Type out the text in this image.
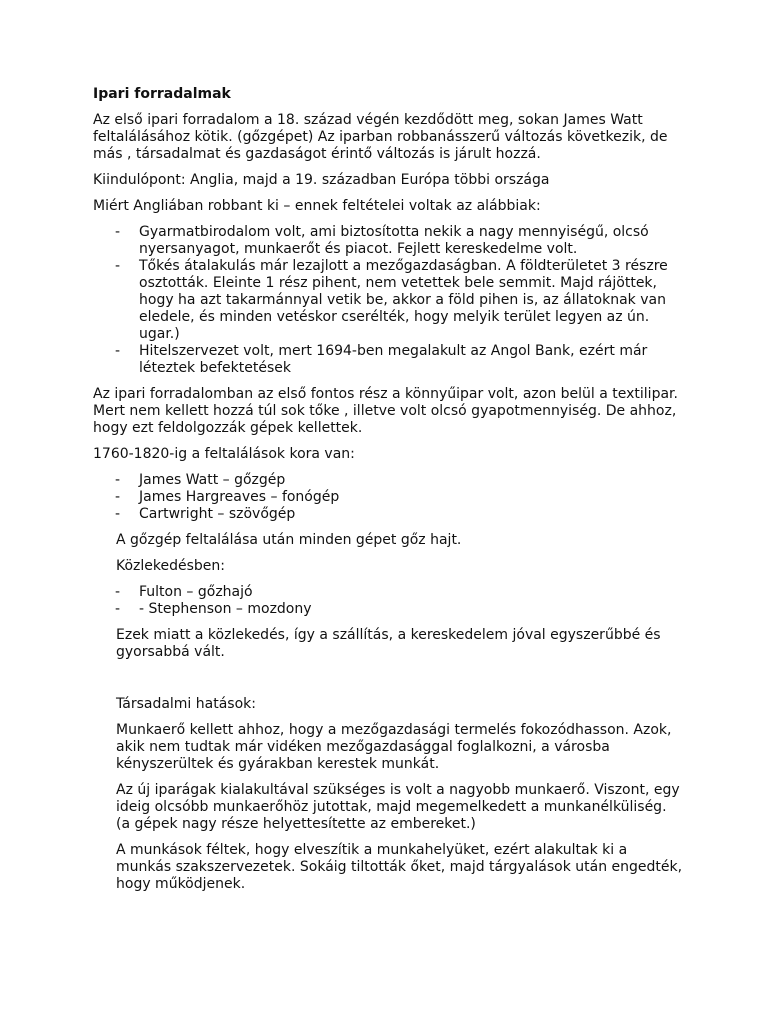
Ipari forradalmak

Az első ipari forradalom a 18. század végén kezdődött meg, sokan James Watt feltalálásához kötik. (gőzgépet) Az iparban robbanásszerű változás következik, de más , társadalmat és gazdaságot érintő változás is járult hozzá.

Kiindulópont: Anglia, majd a 19. században Európa többi országa

Miért Angliában robbant ki – ennek feltételei voltak az alábbiak:

- Gyarmatbirodalom volt, ami biztosította nekik a nagy mennyiségű, olcsó nyersanyagot, munkaerőt és piacot. Fejlett kereskedelme volt.
- Tőkés átalakulás már lezajlott a mezőgazdaságban. A földterületet 3 részre osztották. Eleinte 1 rész pihent, nem vetettek bele semmit. Majd rájöttek, hogy ha azt takarmánnyal vetik be, akkor a föld pihen is, az állatoknak van eledele, és minden vetéskor cserélték, hogy melyik terület legyen az ún. ugar.)
- Hitelszervezet volt, mert 1694-ben megalakult az Angol Bank, ezért már léteztek befektetések

Az ipari forradalomban az első fontos rész a könnyűipar volt, azon belül a textilipar. Mert nem kellett hozzá túl sok tőke , illetve volt olcsó gyapotmennyiség. De ahhoz, hogy ezt feldolgozzák gépek kellettek.

1760-1820-ig a feltalálások kora van:

- James Watt – gőzgép
- James Hargreaves – fonógép
- Cartwright – szövőgép

A gőzgép feltalálása után minden gépet gőz hajt.

Közlekedésben:

- Fulton – gőzhajó
- - Stephenson – mozdony

Ezek miatt a közlekedés, így a szállítás, a kereskedelem jóval egyszerűbbé és gyorsabbá vált.

Társadalmi hatások:

Munkaerő kellett ahhoz, hogy a mezőgazdasági termelés fokozódhasson. Azok, akik nem tudtak már vidéken mezőgazdasággal foglalkozni, a városba kényszerültek és gyárakban kerestek munkát.

Az új iparágak kialakultával szükséges is volt a nagyobb munkaerő. Viszont, egy ideig olcsóbb munkaerőhöz jutottak, majd megemelkedett a munkanélküliség. (a gépek nagy része helyettesítette az embereket.)

A munkások féltek, hogy elveszítik a munkahelyüket, ezért alakultak ki a munkás szakszervezetek. Sokáig tiltották őket, majd tárgyalások után engedték, hogy működjenek.
